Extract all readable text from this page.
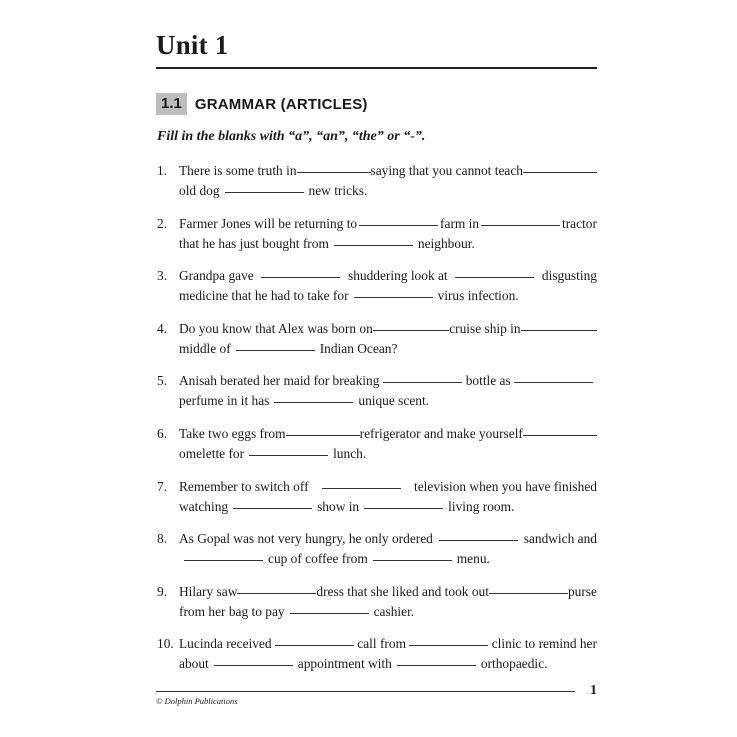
Unit 1
1.1 GRAMMAR (ARTICLES)
Fill in the blanks with “a”, “an”, “the” or “-”.
1. There is some truth in	saying that you cannot teach
old dog	new tricks.
2. Farmer Jones will be returning to	farm in	tractor
that he has just bought from	neighbour.
3. Grandpa gave	shuddering look at	disgusting
medicine that he had to take for	virus infection.
4. Do you know that Alex was born on	cruise ship in
middle of	Indian Ocean?
5. Anisah berated her maid for breaking	bottle as
perfume in it has	unique scent.
6. Take two eggs from	refrigerator and make yourself
omelette for	lunch.
7. Remember to switch off	television when you have finished
watching	show in	living room.
8. As Gopal was not very hungry, he only ordered	sandwich and
cup of coffee from	menu.
9. Hilary saw	dress that she liked and took out	purse
from her bag to pay	cashier.
10. Lucinda received	call from	clinic to remind her
about	appointment with	orthopaedic.
1
© Dolphin Publications
